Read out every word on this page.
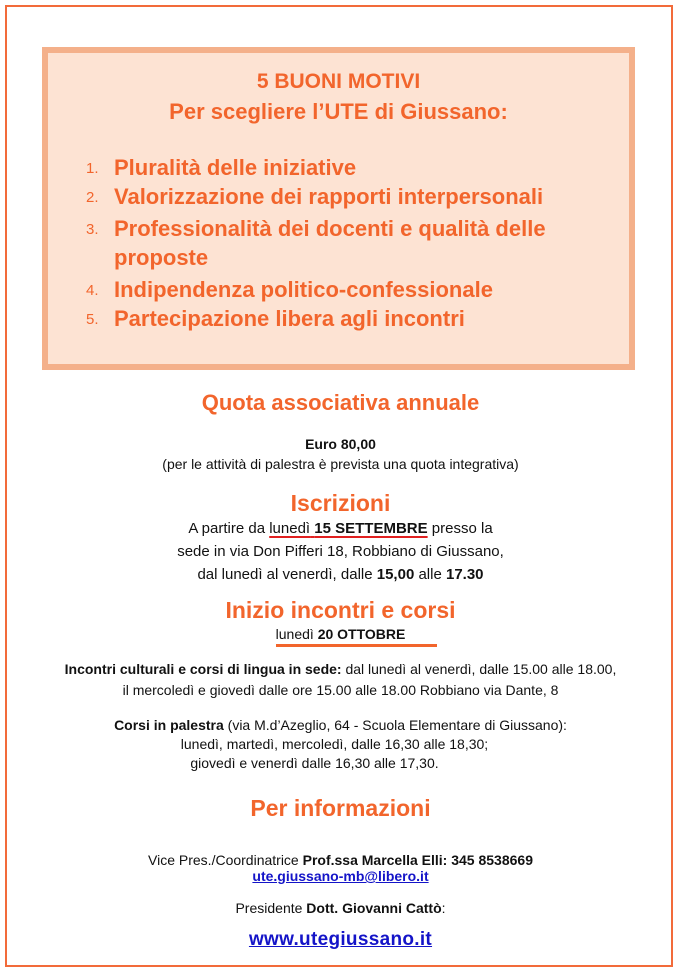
5 BUONI MOTIVI
Per scegliere l’UTE di Giussano:
1. Pluralità delle iniziative
2. Valorizzazione dei rapporti interpersonali
3. Professionalità dei docenti e qualità delle proposte
4. Indipendenza politico-confessionale
5. Partecipazione libera agli incontri
Quota associativa annuale
Euro 80,00
(per le attività di palestra è prevista una quota integrativa)
Iscrizioni
A partire da lunedì 15 SETTEMBRE presso la
sede in via Don Pifferi 18, Robbiano di Giussano,
dal lunedì al venerdì, dalle 15,00 alle 17.30
Inizio incontri e corsi
lunedì 20 OTTOBRE
Incontri culturali e corsi di lingua in sede: dal lunedì al venerdì, dalle 15.00 alle 18.00,
il mercoledì e giovedì dalle ore 15.00 alle 18.00 Robbiano via Dante, 8
Corsi in palestra (via M.d’Azeglio, 64 - Scuola Elementare di Giussano):
lunedì, martedì, mercoledì, dalle 16,30 alle 18,30;
giovedì e venerdì dalle 16,30 alle 17,30.
Per informazioni
Vice Pres./Coordinatrice Prof.ssa Marcella Elli: 345 8538669
ute.giussano-mb@libero.it
Presidente Dott. Giovanni Cattò:
www.utegiussano.it
